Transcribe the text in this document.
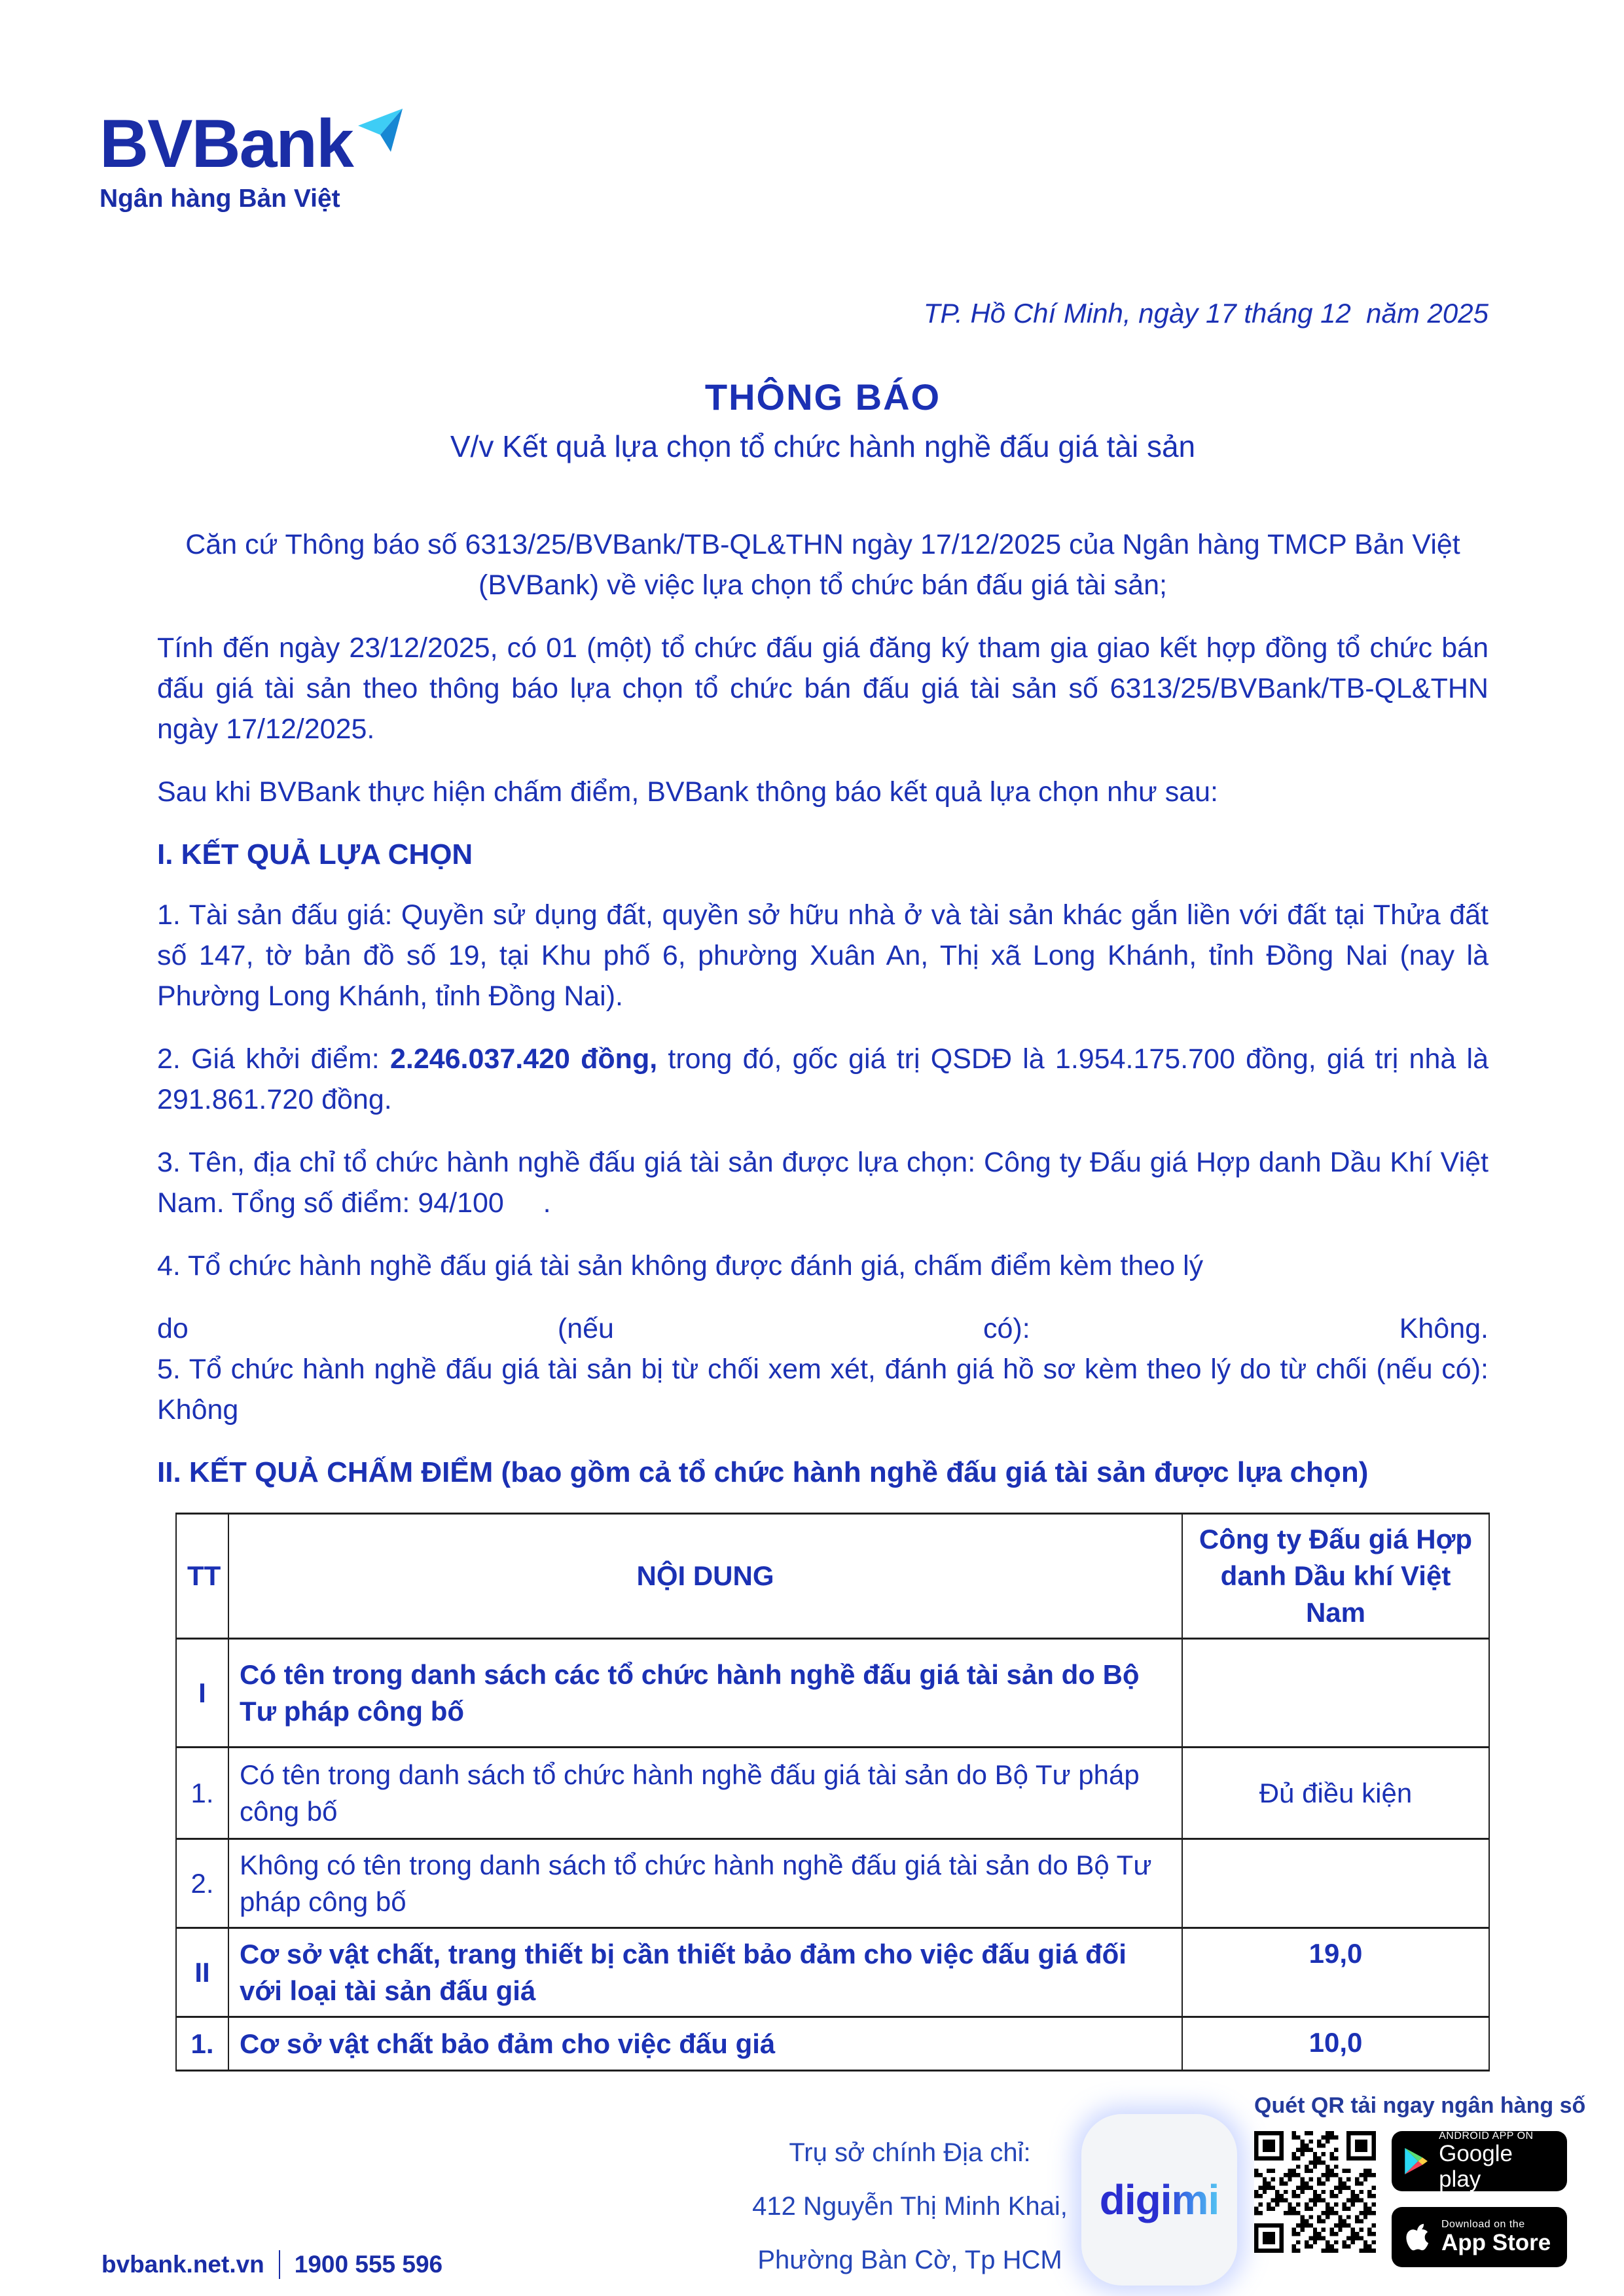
BVBank
Ngân hàng Bản Việt
TP. Hồ Chí Minh, ngày 17 tháng 12  năm 2025
THÔNG BÁO
V/v Kết quả lựa chọn tổ chức hành nghề đấu giá tài sản

Căn cứ Thông báo số 6313/25/BVBank/TB-QL&THN ngày 17/12/2025 của Ngân hàng TMCP Bản Việt (BVBank) về việc lựa chọn tổ chức bán đấu giá tài sản;

Tính đến ngày 23/12/2025, có 01 (một) tổ chức đấu giá đăng ký tham gia giao kết hợp đồng tổ chức bán đấu giá tài sản theo thông báo lựa chọn tổ chức bán đấu giá tài sản số 6313/25/BVBank/TB-QL&THN ngày 17/12/2025.

Sau khi BVBank thực hiện chấm điểm, BVBank thông báo kết quả lựa chọn như sau:

I. KẾT QUẢ LỰA CHỌN

1. Tài sản đấu giá: Quyền sử dụng đất, quyền sở hữu nhà ở và tài sản khác gắn liền với đất tại Thửa đất số 147, tờ bản đồ số 19, tại Khu phố 6, phường Xuân An, Thị xã Long Khánh, tỉnh Đồng Nai (nay là Phường Long Khánh, tỉnh Đồng Nai).

2. Giá khởi điểm: 2.246.037.420 đồng, trong đó, gốc giá trị QSDĐ là 1.954.175.700 đồng, giá trị nhà là 291.861.720 đồng.

3. Tên, địa chỉ tổ chức hành nghề đấu giá tài sản được lựa chọn: Công ty Đấu giá Hợp danh Dầu Khí Việt Nam. Tổng số điểm: 94/100     .

4. Tổ chức hành nghề đấu giá tài sản không được đánh giá, chấm điểm kèm theo lý

do	(nếu	có):	Không.

5. Tổ chức hành nghề đấu giá tài sản bị từ chối xem xét, đánh giá hồ sơ kèm theo lý do từ chối (nếu có): Không

II. KẾT QUẢ CHẤM ĐIỂM (bao gồm cả tổ chức hành nghề đấu giá tài sản được lựa chọn)
TT	NỘI DUNG	Công ty Đấu giá Hợp danh Dầu khí Việt Nam
I	Có tên trong danh sách các tổ chức hành nghề đấu giá tài sản do Bộ Tư pháp công bố	
1.	Có tên trong danh sách tổ chức hành nghề đấu giá tài sản do Bộ Tư pháp công bố	Đủ điều kiện
2.	Không có tên trong danh sách tổ chức hành nghề đấu giá tài sản do Bộ Tư pháp công bố	
II	Cơ sở vật chất, trang thiết bị cần thiết bảo đảm cho việc đấu giá đối với loại tài sản đấu giá	19,0
1.	Cơ sở vật chất bảo đảm cho việc đấu giá	10,0
bvbank.net.vn 1900 555 596
Trụ sở chính Địa chỉ:
412 Nguyễn Thị Minh Khai,
Phường Bàn Cờ, Tp HCM
digimi
Quét QR tải ngay ngân hàng số
ANDROID APP ON
Google play
Download on the
App Store
